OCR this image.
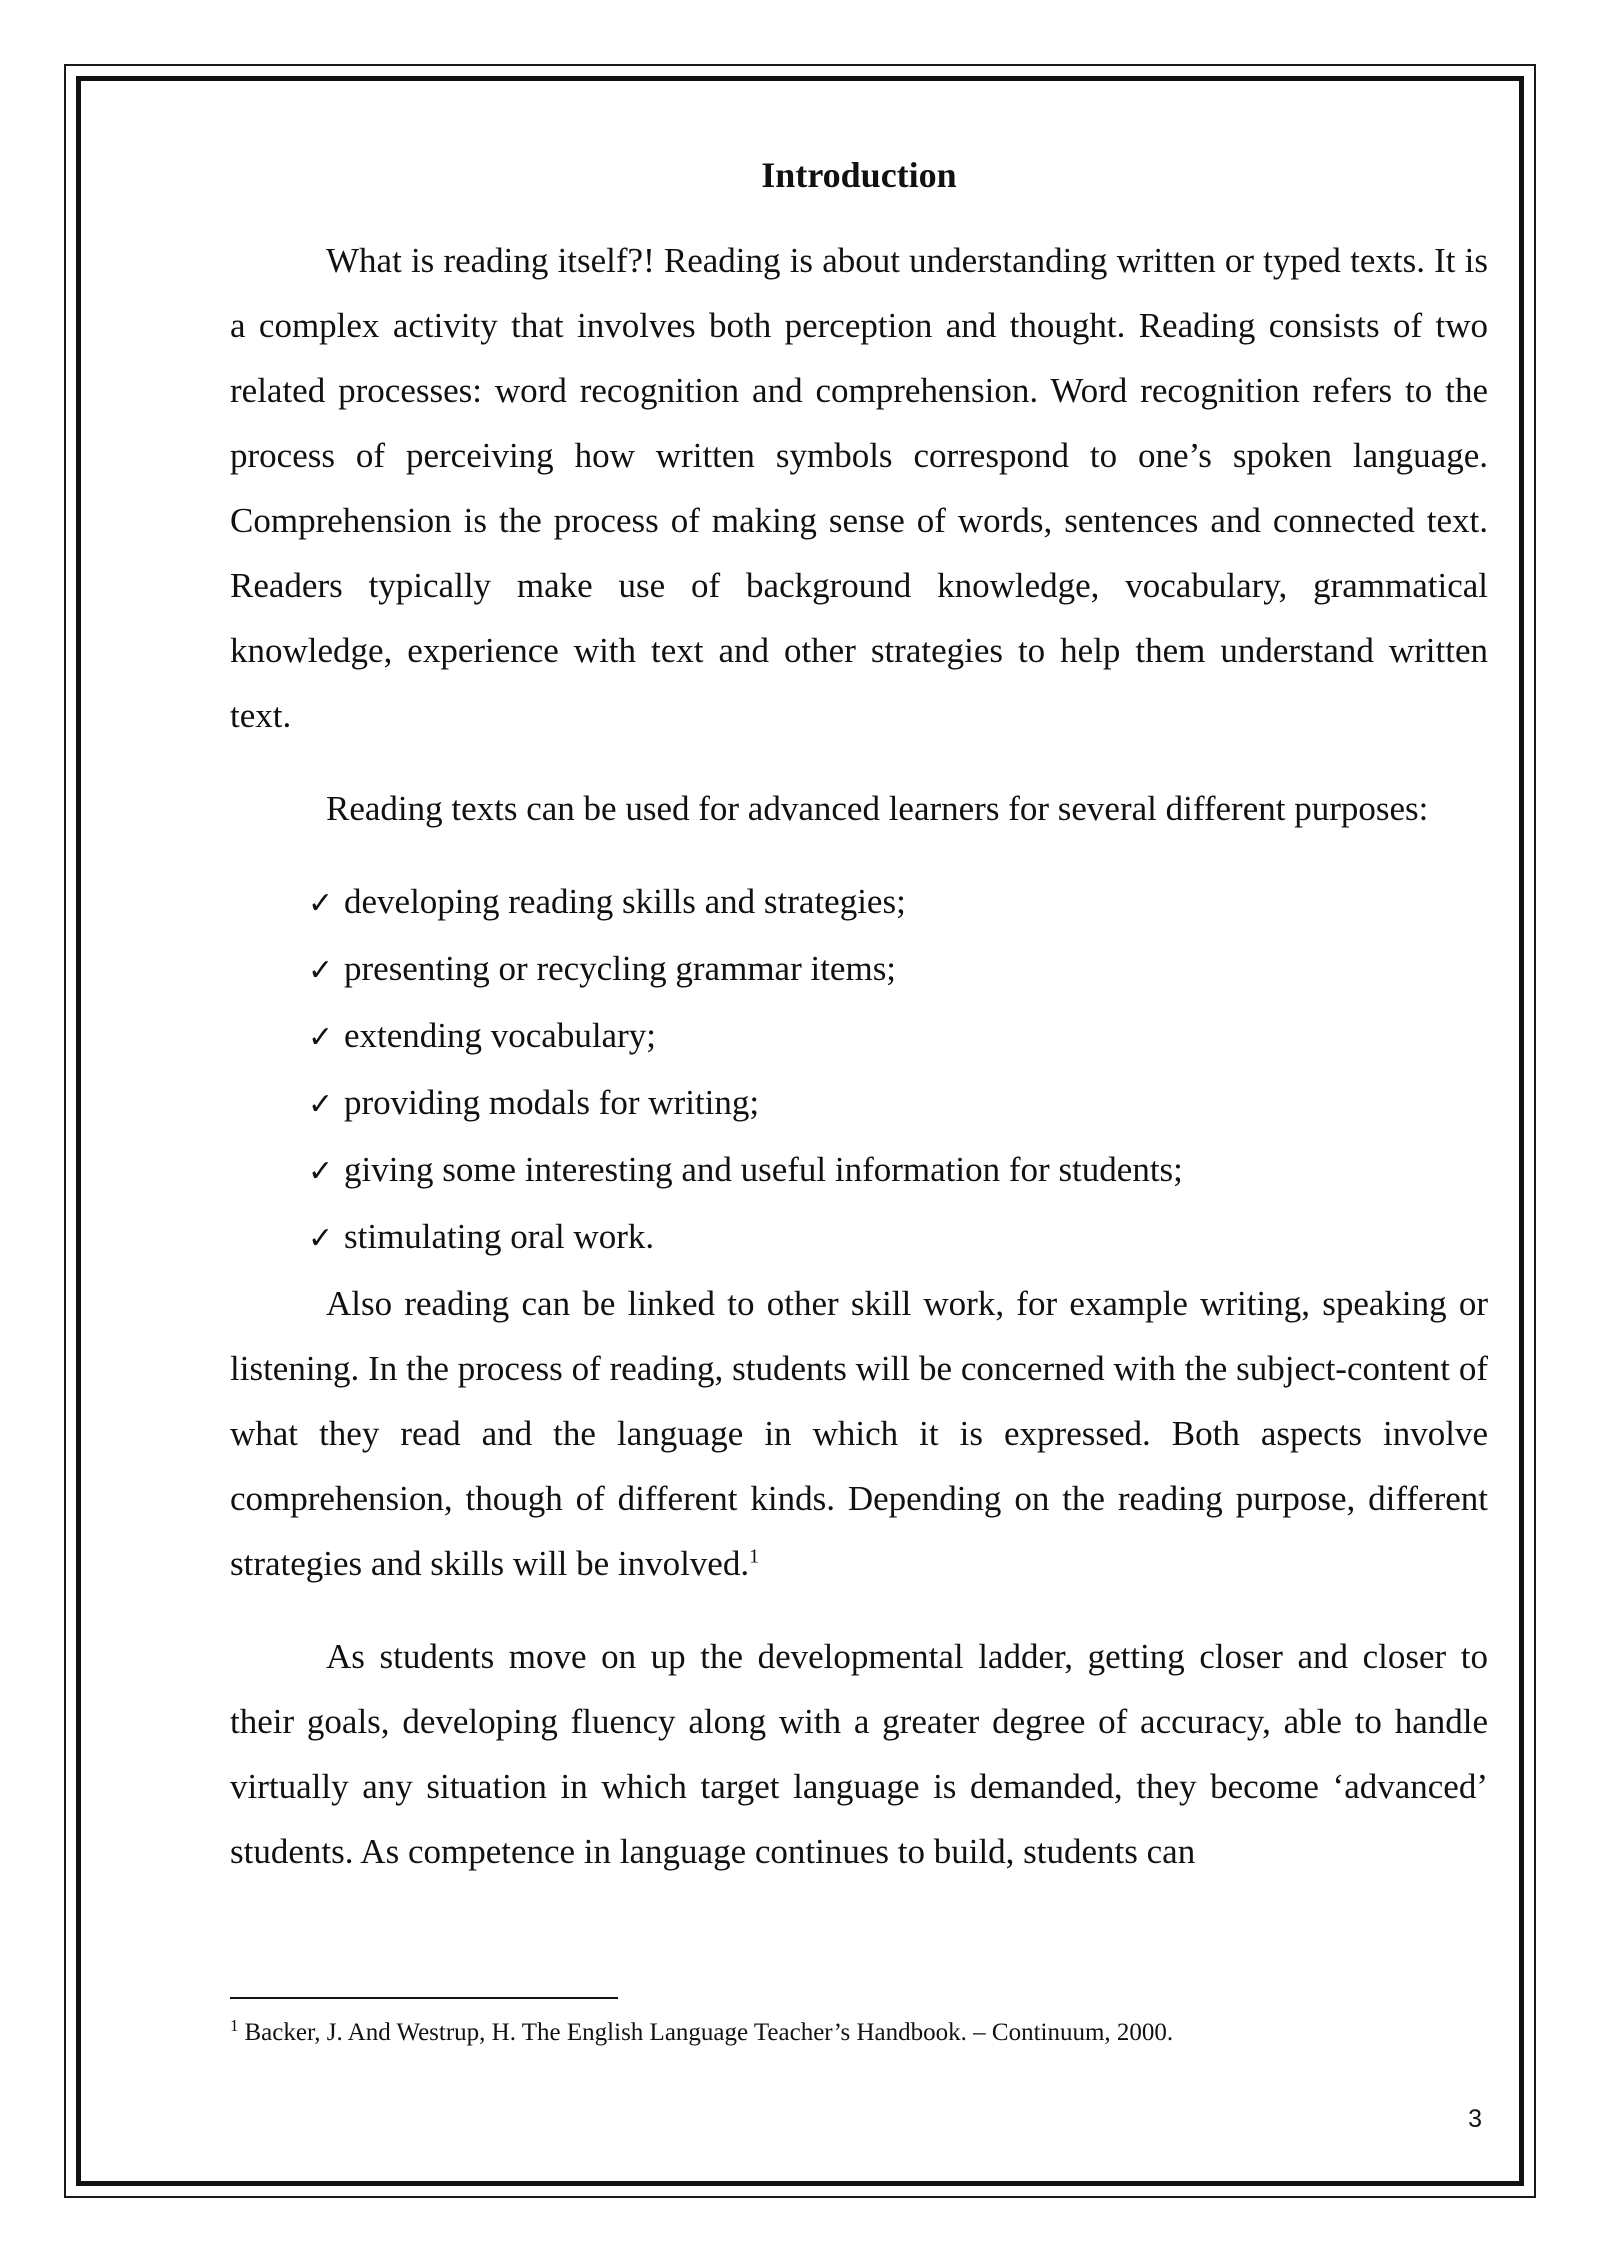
Introduction

What is reading itself?! Reading is about understanding written or typed texts. It is a complex activity that involves both perception and thought. Reading consists of two related processes: word recognition and comprehension. Word recognition refers to the process of perceiving how written symbols correspond to one’s spoken language. Comprehension is the process of making sense of words, sentences and connected text. Readers typically make use of background knowledge, vocabulary, grammatical knowledge, experience with text and other strategies to help them understand written text.

Reading texts can be used for advanced learners for several different purposes:

✓ developing reading skills and strategies;
✓ presenting or recycling grammar items;
✓ extending vocabulary;
✓ providing modals for writing;
✓ giving some interesting and useful information for students;
✓ stimulating oral work.

Also reading can be linked to other skill work, for example writing, speaking or listening. In the process of reading, students will be concerned with the subject-content of what they read and the language in which it is expressed. Both aspects involve comprehension, though of different kinds. Depending on the reading purpose, different strategies and skills will be involved.$^1$

As students move on up the developmental ladder, getting closer and closer to their goals, developing fluency along with a greater degree of accuracy, able to handle virtually any situation in which target language is demanded, they become ‘advanced’ students. As competence in language continues to build, students can

$^1$ Backer, J. And Westrup, H. The English Language Teacher’s Handbook. – Continuum, 2000.
3
